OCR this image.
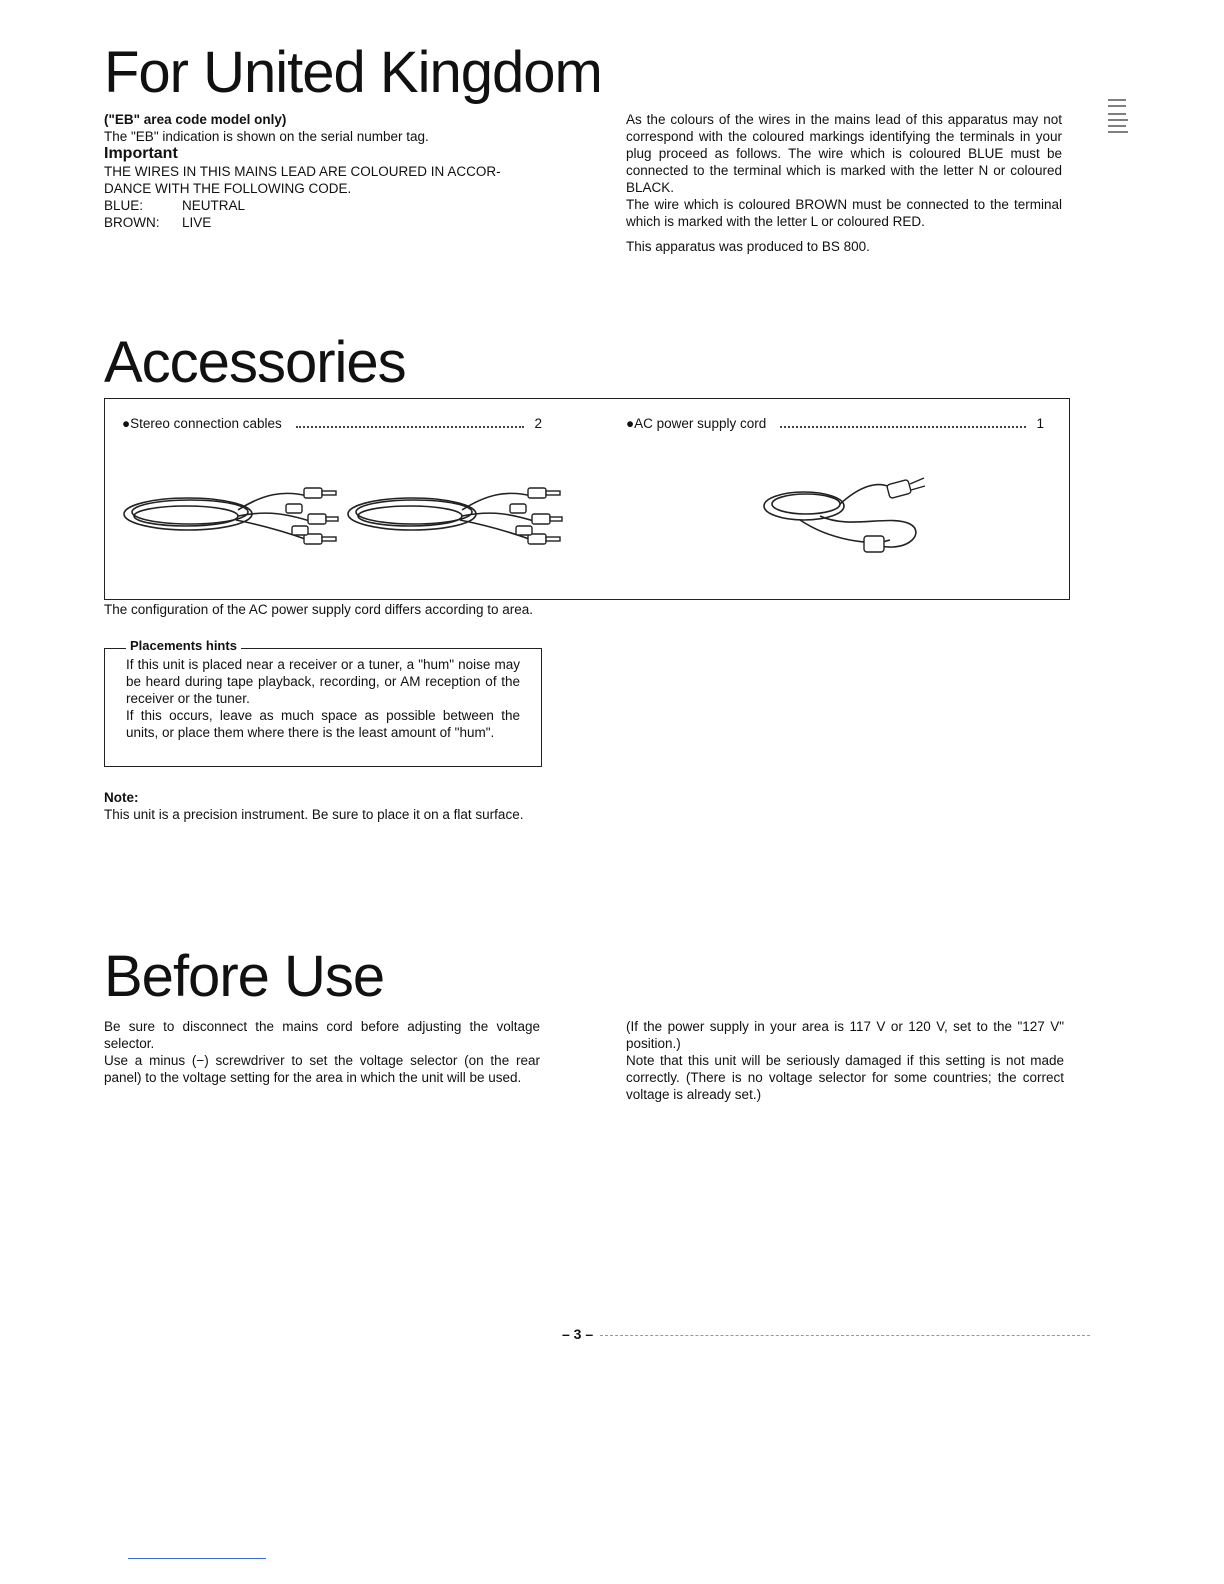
For United Kingdom

("EB" area code model only)

The "EB" indication is shown on the serial number tag.

Important

THE WIRES IN THIS MAINS LEAD ARE COLOURED IN ACCOR-

DANCE WITH THE FOLLOWING CODE.

BLUE:	NEUTRAL
BROWN:	LIVE

As the colours of the wires in the mains lead of this apparatus may not correspond with the coloured markings identifying the terminals in your plug proceed as follows. The wire which is coloured BLUE must be connected to the terminal which is marked with the letter N or coloured BLACK.

The wire which is coloured BROWN must be connected to the terminal which is marked with the letter L or coloured RED.

This apparatus was produced to BS 800.

Accessories
● Stereo connection cables	2	● AC power supply cord	1

The configuration of the AC power supply cord differs according to area.

Placements hints

If this unit is placed near a receiver or a tuner, a "hum" noise may be heard during tape playback, recording, or AM reception of the receiver or the tuner.

If this occurs, leave as much space as possible between the units, or place them where there is the least amount of "hum".

Note:

This unit is a precision instrument. Be sure to place it on a flat surface.

Before Use

Be sure to disconnect the mains cord before adjusting the voltage selector.

Use a minus (−) screwdriver to set the voltage selector (on the rear panel) to the voltage setting for the area in which the unit will be used.

(If the power supply in your area is 117 V or 120 V, set to the "127 V" position.)

Note that this unit will be seriously damaged if this setting is not made correctly. (There is no voltage selector for some countries; the correct voltage is already set.)

– 3 –
